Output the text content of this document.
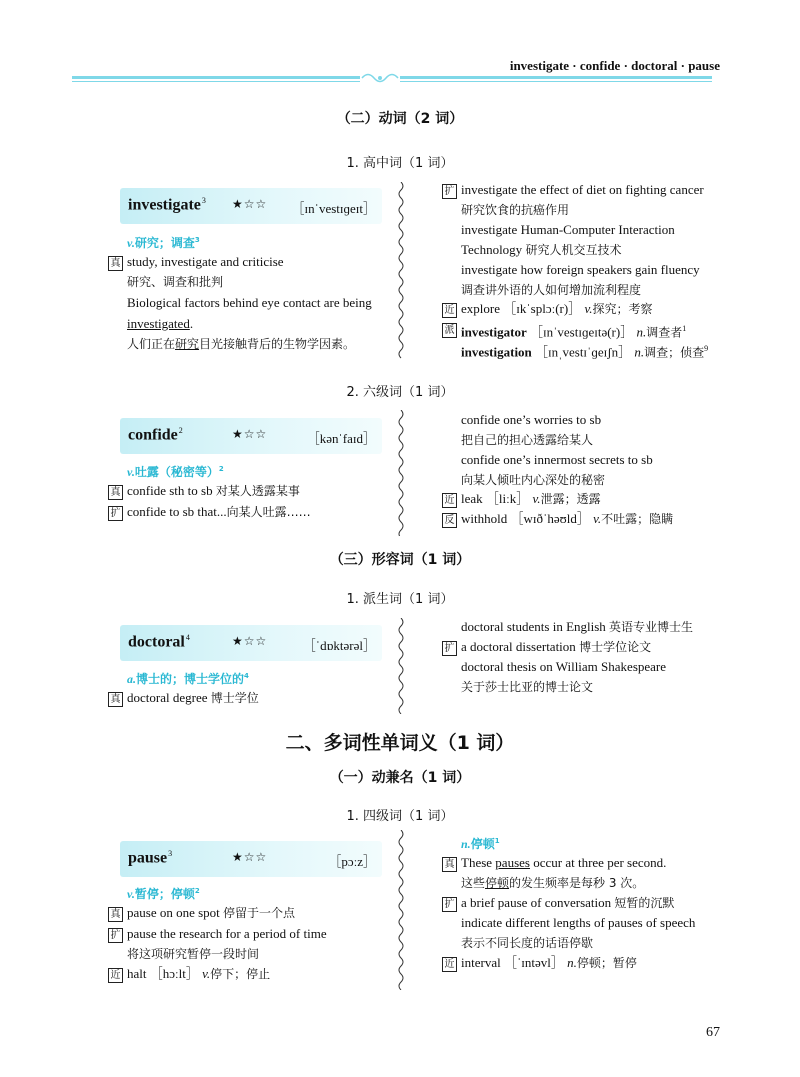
investigate · confide · doctoral · pause
（二）动词（2 词）
1. 高中词（1 词）
investigate$^3$ ★☆☆ ［ɪnˈvestɪɡeɪt］
v.研究；调查$^3$
真 study, investigate and criticise
研究、调查和批判
Biological factors behind eye contact are being
investigated.
人们正在研究目光接触背后的生物学因素。
扩 investigate the effect of diet on fighting cancer
研究饮食的抗癌作用
investigate Human-Computer Interaction
Technology 研究人机交互技术
investigate how foreign speakers gain fluency
调查讲外语的人如何增加流利程度
近 explore ［ɪkˈsplɔː(r)］ v.探究；考察
派 investigator ［ɪnˈvestɪɡeɪtə(r)］ n.调查者$^1$
investigation ［ɪnˌvestɪˈɡeɪʃn］ n.调查；侦查$^9$
2. 六级词（1 词）
confide$^2$	★☆☆	［kənˈfaɪd］
v.吐露（秘密等）$^2$
真 confide sth to sb 对某人透露某事
扩 confide to sb that...向某人吐露……
confide one’s worries to sb
把自己的担心透露给某人
confide one’s innermost secrets to sb
向某人倾吐内心深处的秘密
近 leak ［liːk］ v.泄露；透露
反 withhold ［wɪðˈhəʊld］ v.不吐露；隐瞒
（三）形容词（1 词）
1. 派生词（1 词）
doctoral$^4$	★☆☆	［ˈdɒktərəl］
a.博士的；博士学位的$^4$
真 doctoral degree 博士学位
doctoral students in English 英语专业博士生
扩 a doctoral dissertation 博士学位论文
doctoral thesis on William Shakespeare
关于莎士比亚的博士论文
二、多词性单词义（1 词）
（一）动兼名（1 词）
1. 四级词（1 词）
pause$^3$	★☆☆	［pɔːz］
v.暂停；停顿$^2$
真 pause on one spot 停留于一个点
扩 pause the research for a period of time
将这项研究暂停一段时间
近 halt ［hɔːlt］ v.停下；停止
n.停顿$^1$
真 These pauses occur at three per second.
这些停顿的发生频率是每秒 3 次。
扩 a brief pause of conversation 短暂的沉默
indicate different lengths of pauses of speech
表示不同长度的话语停歇
近 interval ［ˈɪntəvl］ n.停顿；暂停
67
